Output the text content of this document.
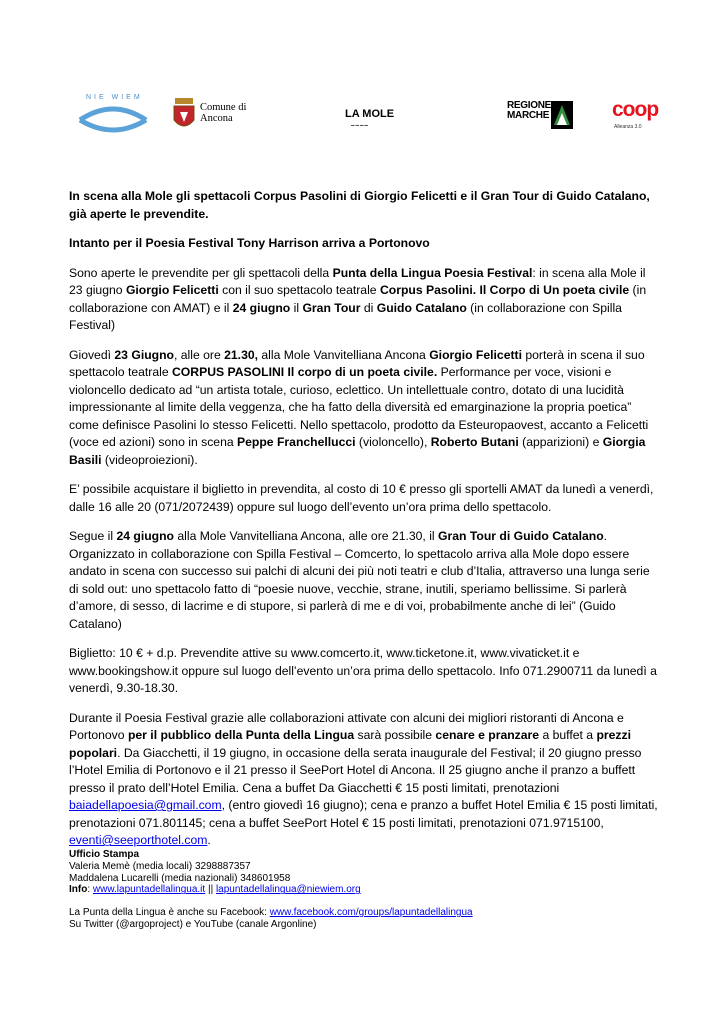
NIE WIEM
Comune di Ancona	LA MOLE
▬ ▬ ▬ ▬
REGIONE MARCHE	coop
Alleanza 3.0

In scena alla Mole gli spettacoli Corpus Pasolini di Giorgio Felicetti e il Gran Tour di Guido Catalano, già aperte le prevendite.

Intanto per il Poesia Festival Tony Harrison arriva a Portonovo

Sono aperte le prevendite per gli spettacoli della Punta della Lingua Poesia Festival: in scena alla Mole il 23 giugno Giorgio Felicetti con il suo spettacolo teatrale Corpus Pasolini. Il Corpo di Un poeta civile (in collaborazione con AMAT) e il 24 giugno il Gran Tour di Guido Catalano (in collaborazione con Spilla Festival)

Giovedì 23 Giugno, alle ore 21.30, alla Mole Vanvitelliana Ancona Giorgio Felicetti porterà in scena il suo spettacolo teatrale CORPUS PASOLINI Il corpo di un poeta civile. Performance per voce, visioni e violoncello dedicato ad “un artista totale, curioso, eclettico. Un intellettuale contro, dotato di una lucidità impressionante al limite della veggenza, che ha fatto della diversità ed emarginazione la propria poetica” come definisce Pasolini lo stesso Felicetti. Nello spettacolo, prodotto da Esteuropaovest, accanto a Felicetti (voce ed azioni) sono in scena Peppe Franchellucci (violoncello), Roberto Butani (apparizioni) e Giorgia Basili (videoproiezioni).

E’ possibile acquistare il biglietto in prevendita, al costo di 10 € presso gli sportelli AMAT da lunedì a venerdì, dalle 16 alle 20 (071/2072439) oppure sul luogo dell’evento un’ora prima dello spettacolo.

Segue il 24 giugno alla Mole Vanvitelliana Ancona, alle ore 21.30, il Gran Tour di Guido Catalano. Organizzato in collaborazione con Spilla Festival – Comcerto, lo spettacolo arriva alla Mole dopo essere andato in scena con successo sui palchi di alcuni dei più noti teatri e club d’Italia, attraverso una lunga serie di sold out: uno spettacolo fatto di “poesie nuove, vecchie, strane, inutili, speriamo bellissime. Si parlerà d’amore, di sesso, di lacrime e di stupore, si parlerà di me e di voi, probabilmente anche di lei” (Guido Catalano)

Biglietto: 10 € + d.p. Prevendite attive su www.comcerto.it, www.ticketone.it, www.vivaticket.it e www.bookingshow.it oppure sul luogo dell’evento un’ora prima dello spettacolo. Info 071.2900711 da lunedì a venerdì, 9.30-18.30.

Durante il Poesia Festival grazie alle collaborazioni attivate con alcuni dei migliori ristoranti di Ancona e Portonovo per il pubblico della Punta della Lingua sarà possibile cenare e pranzare a buffet a prezzi popolari. Da Giacchetti, il 19 giugno, in occasione della serata inaugurale del Festival; il 20 giugno presso l’Hotel Emilia di Portonovo e il 21 presso il SeePort Hotel di Ancona. Il 25 giugno anche il pranzo a buffett presso il prato dell’Hotel Emilia. Cena a buffet Da Giacchetti € 15 posti limitati, prenotazioni baiadellapoesia@gmail.com, (entro giovedì 16 giugno); cena e pranzo a buffet Hotel Emilia € 15 posti limitati, prenotazioni 071.801145; cena a buffet SeePort Hotel € 15 posti limitati, prenotazioni 071.9715100, eventi@seeporthotel.com.

Ufficio Stampa

Valeria Memè (media locali) 3298887357

Maddalena Lucarelli (media nazionali) 348601958

Info: www.lapuntadellalingua.it || lapuntadellalingua@niewiem.org

La Punta della Lingua è anche su Facebook: www.facebook.com/groups/lapuntadellalingua

Su Twitter (@argoproject) e YouTube (canale Argonline)
